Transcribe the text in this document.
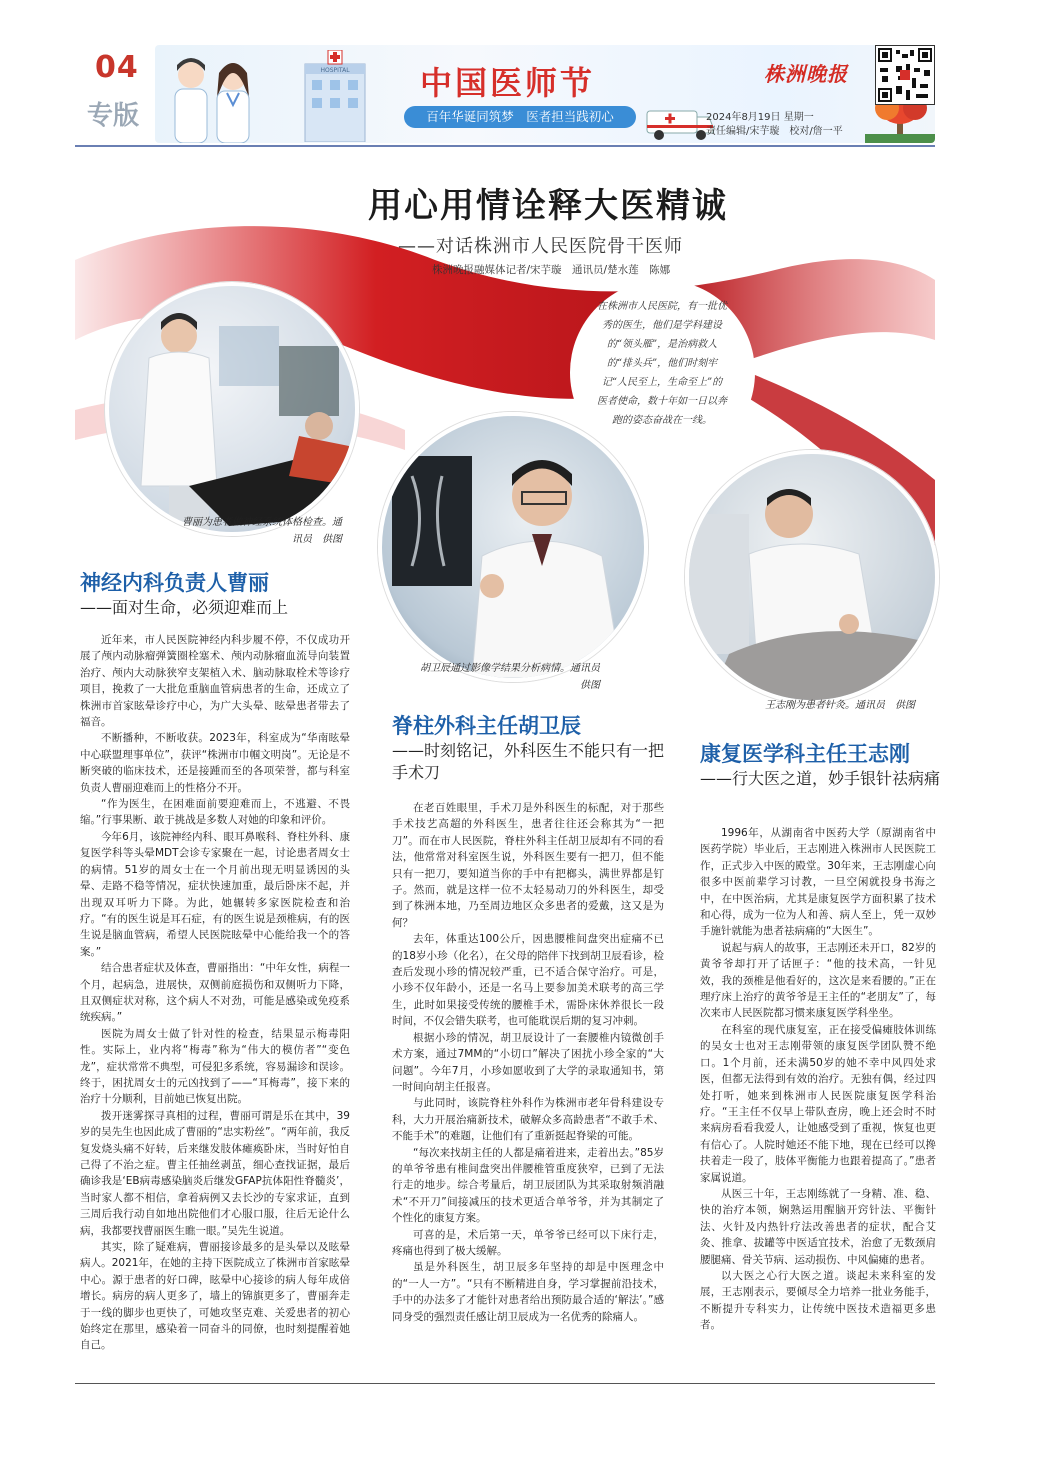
HOSPITAL
04
专版
中国医师节
百年华诞同筑梦　医者担当践初心
株洲晚报
2024年8月19日 星期一
责任编辑/宋芋璇　校对/詹一平
用心用情诠释大医精诚
——对话株洲市人民医院骨干医师
株洲晚报融媒体记者/宋芋璇　通讯员/楚水莲　陈娜
在株洲市人民医院，有一批优秀的医生，他们是学科建设的“领头雁”，是治病救人的“排头兵”，他们时刻牢记“人民至上，生命至上”的医者使命，数十年如一日以奔跑的姿态奋战在一线。
曹丽为患者做神经系统体格检查。通讯员　供图
胡卫辰通过影像学结果分析病情。通讯员　供图
王志刚为患者针灸。通讯员　供图
神经内科负责人曹丽
——面对生命，必须迎难而上

近年来，市人民医院神经内科步履不停，不仅成功开展了颅内动脉瘤弹簧圈栓塞术、颅内动脉瘤血流导向装置治疗、颅内大动脉狭窄支架植入术、脑动脉取栓术等诊疗项目，挽救了一大批危重脑血管病患者的生命，还成立了株洲市首家眩晕诊疗中心，为广大头晕、眩晕患者带去了福音。

不断播种，不断收获。2023年，科室成为“华南眩晕中心联盟理事单位”，获评“株洲市巾帼文明岗”。无论是不断突破的临床技术，还是接踵而至的各项荣誉，都与科室负责人曹丽迎难而上的性格分不开。

“作为医生，在困难面前要迎难而上，不逃避、不畏缩。”行事果断、敢于挑战是多数人对她的印象和评价。

今年6月，该院神经内科、眼耳鼻喉科、脊柱外科、康复医学科等头晕MDT会诊专家聚在一起，讨论患者周女士的病情。51岁的周女士在一个月前出现无明显诱因的头晕、走路不稳等情况，症状快速加重，最后卧床不起，并出现双耳听力下降。为此，她辗转多家医院检查和治疗。“有的医生说是耳石症，有的医生说是颈椎病，有的医生说是脑血管病，希望人民医院眩晕中心能给我一个的答案。”

结合患者症状及体查，曹丽指出：“中年女性，病程一个月，起病急，进展快，双侧前庭损伤和双侧听力下降，且双侧症状对称，这个病人不对劲，可能是感染或免疫系统疾病。”

医院为周女士做了针对性的检查，结果显示梅毒阳性。实际上，业内将“梅毒”称为“伟大的模仿者”“变色龙”，症状常常不典型，可侵犯多系统，容易漏诊和误诊。终于，困扰周女士的元凶找到了——“耳梅毒”，接下来的治疗十分顺利，目前她已恢复出院。

拨开迷雾探寻真相的过程，曹丽可谓是乐在其中，39岁的吴先生也因此成了曹丽的“忠实粉丝”。“两年前，我反复发烧头痛不好转，后来继发肢体瘫痪卧床，当时好怕自己得了不治之症。曹主任抽丝剥茧，细心查找证据，最后确诊我是‘EB病毒感染脑炎后继发GFAP抗体阳性脊髓炎’，当时家人都不相信，拿着病例又去长沙的专家求证，直到三周后我行动自如地出院他们才心服口服，往后无论什么病，我都要找曹丽医生瞧一眼。”吴先生说道。

其实，除了疑难病，曹丽接诊最多的是头晕以及眩晕病人。2021年，在她的主持下医院成立了株洲市首家眩晕中心。源于患者的好口碑，眩晕中心接诊的病人每年成倍增长。病房的病人更多了，墙上的锦旗更多了，曹丽奔走于一线的脚步也更快了，可她攻坚克难、关爱患者的初心始终定在那里，感染着一同奋斗的同僚，也时刻提醒着她自己。

脊柱外科主任胡卫辰
——时刻铭记，外科医生不能只有一把手术刀

在老百姓眼里，手术刀是外科医生的标配，对于那些手术技艺高超的外科医生，患者往往还会称其为“一把刀”。而在市人民医院，脊柱外科主任胡卫辰却有不同的看法，他常常对科室医生说，外科医生要有一把刀，但不能只有一把刀，要知道当你的手中有把榔头，满世界都是钉子。然而，就是这样一位不太轻易动刀的外科医生，却受到了株洲本地，乃至周边地区众多患者的爱戴，这又是为何？

去年，体重达100公斤，因患腰椎间盘突出症痛不已的18岁小珍（化名），在父母的陪伴下找到胡卫辰看诊，检查后发现小珍的情况较严重，已不适合保守治疗。可是，小珍不仅年龄小，还是一名马上要参加美术联考的高三学生，此时如果接受传统的腰椎手术，需卧床休养很长一段时间，不仅会错失联考，也可能耽误后期的复习冲刺。

根据小珍的情况，胡卫辰设计了一套腰椎内镜微创手术方案，通过7MM的“小切口”解决了困扰小珍全家的“大问题”。今年7月，小珍如愿收到了大学的录取通知书，第一时间向胡主任报喜。

与此同时，该院脊柱外科作为株洲市老年骨科建设专科，大力开展治痛新技术，破解众多高龄患者“不敢手术、不能手术”的难题，让他们有了重新挺起脊梁的可能。

“每次来找胡主任的人都是痛着进来，走着出去。”85岁的单爷爷患有椎间盘突出伴腰椎管重度狭窄，已到了无法行走的地步。综合考量后，胡卫辰团队为其采取射频消融术“不开刀”间接减压的技术更适合单爷爷，并为其制定了个性化的康复方案。

可喜的是，术后第一天，单爷爷已经可以下床行走，疼痛也得到了极大缓解。

虽是外科医生，胡卫辰多年坚持的却是中医理念中的“一人一方”。“只有不断精进自身，学习掌握前沿技术，手中的办法多了才能针对患者给出预防最合适的‘解法’。”感同身受的强烈责任感让胡卫辰成为一名优秀的除痛人。

康复医学科主任王志刚
——行大医之道，妙手银针祛病痛

1996年，从湖南省中医药大学（原湖南省中医药学院）毕业后，王志刚进入株洲市人民医院工作，正式步入中医的殿堂。30年来，王志刚虚心向很多中医前辈学习讨教，一旦空闲就投身书海之中，在中医治病，尤其是康复医学方面积累了技术和心得，成为一位为人和善、病人至上，凭一双妙手施针就能为患者祛病痛的“大医生”。

说起与病人的故事，王志刚还未开口，82岁的黄爷爷却打开了话匣子：“他的技术高，一针见效，我的颈椎是他看好的，这次是来看腰的。”正在理疗床上治疗的黄爷爷是王主任的“老朋友”了，每次来市人民医院都习惯来康复医学科坐坐。

在科室的现代康复室，正在接受偏瘫肢体训练的吴女士也对王志刚带领的康复医学团队赞不绝口。1个月前，还未满50岁的她不幸中风四处求医，但都无法得到有效的治疗。无独有偶，经过四处打听，她来到株洲市人民医院康复医学科治疗。“王主任不仅早上带队查房，晚上还会时不时来病房看看我爱人，让她感受到了重视，恢复也更有信心了。人院时她还不能下地，现在已经可以搀扶着走一段了，肢体平衡能力也跟着提高了。”患者家属说道。

从医三十年，王志刚练就了一身精、准、稳、快的治疗本领，娴熟运用醒脑开窍针法、平衡针法、火针及内热针疗法改善患者的症状，配合艾灸、推拿、拔罐等中医适宜技术，治愈了无数颈肩腰腿痛、骨关节病、运动损伤、中风偏瘫的患者。

以大医之心行大医之道。谈起未来科室的发展，王志刚表示，要倾尽全力培养一批业务能手，不断提升专科实力，让传统中医技术造福更多患者。
